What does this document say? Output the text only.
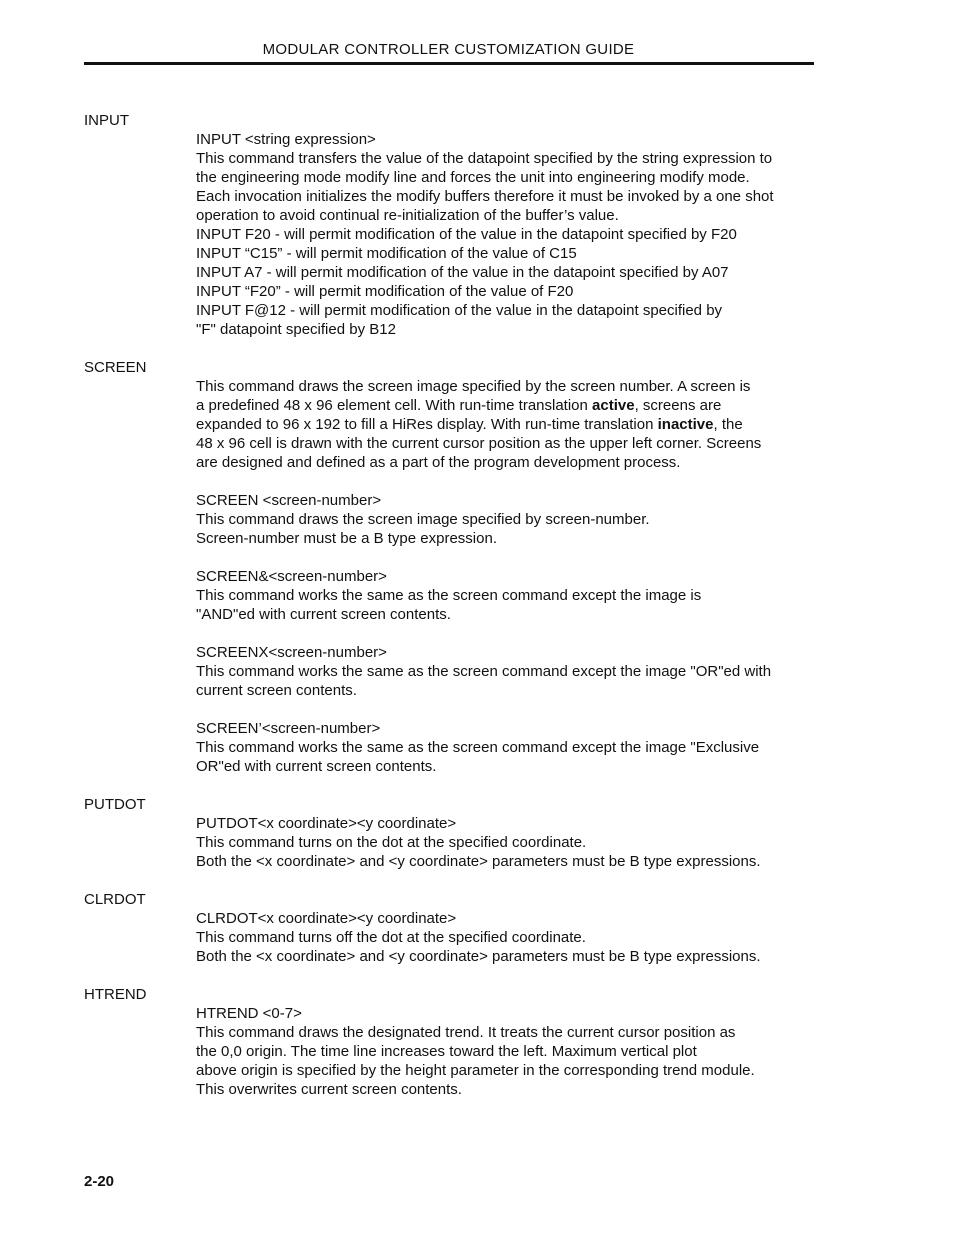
MODULAR CONTROLLER CUSTOMIZATION GUIDE
INPUT
INPUT <string expression>
This command transfers the value of the datapoint specified by the string expression to
the engineering mode modify line and forces the unit into engineering modify mode.
Each invocation initializes the modify buffers therefore it must be invoked by a one shot
operation to avoid continual re-initialization of the buffer’s value.
INPUT F20 - will permit modification of the value in the datapoint specified by F20
INPUT “C15” - will permit modification of the value of C15
INPUT A7 - will permit modification of the value in the datapoint specified by A07
INPUT “F20” - will permit modification of the value of F20
INPUT F@12 - will permit modification of the value in the datapoint specified by
"F" datapoint specified by B12
SCREEN
This command draws the screen image specified by the screen number. A screen is
a predefined 48 x 96 element cell. With run-time translation active, screens are
expanded to 96 x 192 to fill a HiRes display. With run-time translation inactive, the
48 x 96 cell is drawn with the current cursor position as the upper left corner. Screens
are designed and defined as a part of the program development process.
SCREEN <screen-number>
This command draws the screen image specified by screen-number.
Screen-number must be a B type expression.
SCREEN&<screen-number>
This command works the same as the screen command except the image is
"AND"ed with current screen contents.
SCREENX<screen-number>
This command works the same as the screen command except the image "OR"ed with
current screen contents.
SCREEN’<screen-number>
This command works the same as the screen command except the image "Exclusive
OR"ed with current screen contents.
PUTDOT
PUTDOT<x coordinate><y coordinate>
This command turns on the dot at the specified coordinate.
Both the <x coordinate> and <y coordinate> parameters must be B type expressions.
CLRDOT
CLRDOT<x coordinate><y coordinate>
This command turns off the dot at the specified coordinate.
Both the <x coordinate> and <y coordinate> parameters must be B type expressions.
HTREND
HTREND <0-7>
This command draws the designated trend. It treats the current cursor position as
the 0,0 origin. The time line increases toward the left. Maximum vertical plot
above origin is specified by the height parameter in the corresponding trend module.
This overwrites current screen contents.
2-20
